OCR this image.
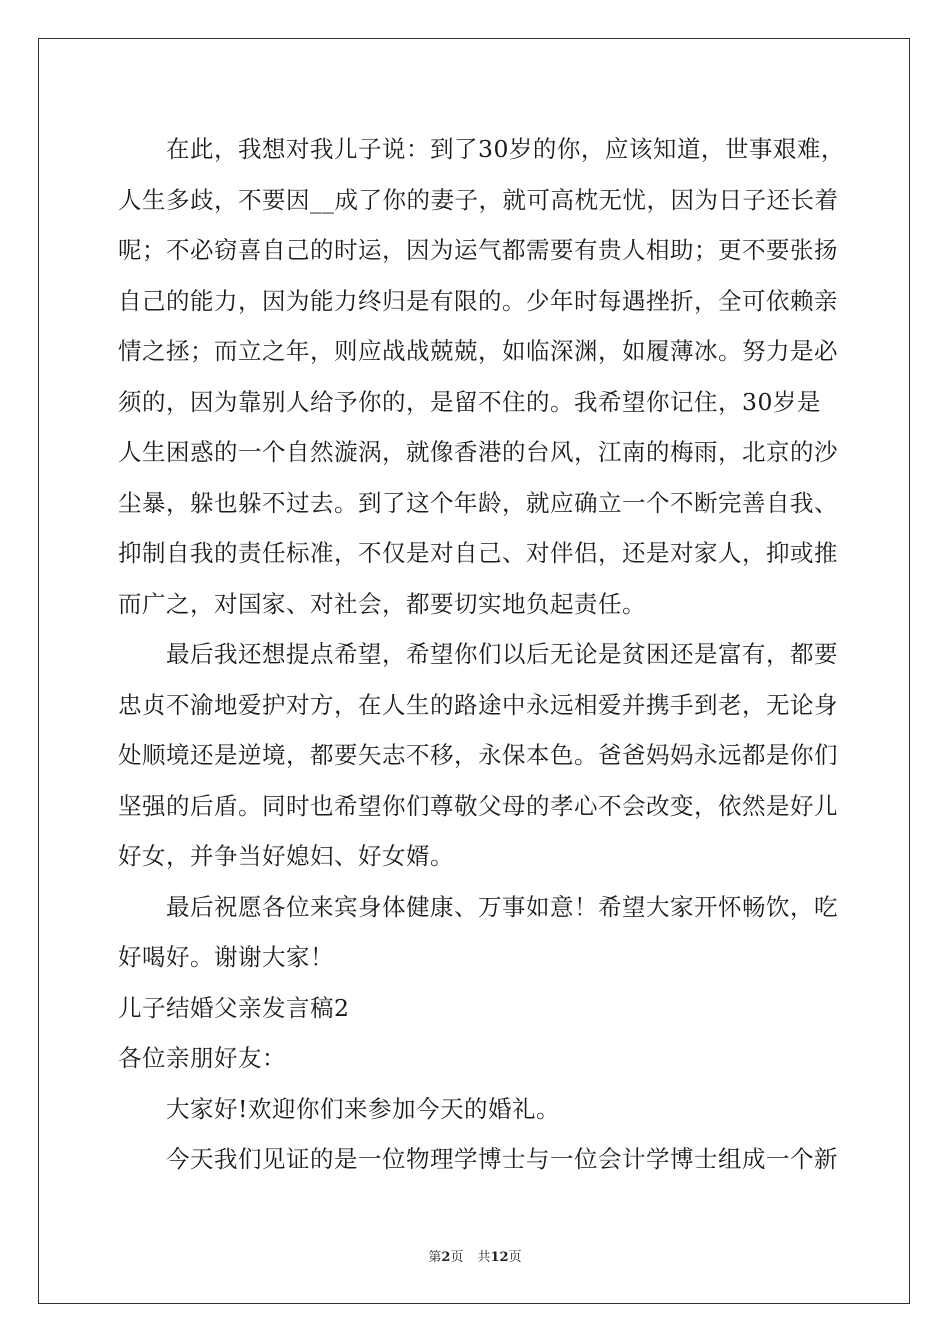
在此，我想对我儿子说：到了30岁的你，应该知道，世事艰难，
人生多歧，不要因__成了你的妻子，就可高枕无忧，因为日子还长着
呢；不必窃喜自己的时运，因为运气都需要有贵人相助；更不要张扬
自己的能力，因为能力终归是有限的。少年时每遇挫折，全可依赖亲
情之拯；而立之年，则应战战兢兢，如临深渊，如履薄冰。努力是必
须的，因为靠别人给予你的，是留不住的。我希望你记住，30岁是
人生困惑的一个自然漩涡，就像香港的台风，江南的梅雨，北京的沙
尘暴，躲也躲不过去。到了这个年龄，就应确立一个不断完善自我、
抑制自我的责任标准，不仅是对自己、对伴侣，还是对家人，抑或推
而广之，对国家、对社会，都要切实地负起责任。

最后我还想提点希望，希望你们以后无论是贫困还是富有，都要
忠贞不渝地爱护对方，在人生的路途中永远相爱并携手到老，无论身
处顺境还是逆境，都要矢志不移，永保本色。爸爸妈妈永远都是你们
坚强的后盾。同时也希望你们尊敬父母的孝心不会改变，依然是好儿
好女，并争当好媳妇、好女婿。

最后祝愿各位来宾身体健康、万事如意！希望大家开怀畅饮，吃
好喝好。谢谢大家！

儿子结婚父亲发言稿2

各位亲朋好友：

大家好!欢迎你们来参加今天的婚礼。

今天我们见证的是一位物理学博士与一位会计学博士组成一个新

第2页 共12页
